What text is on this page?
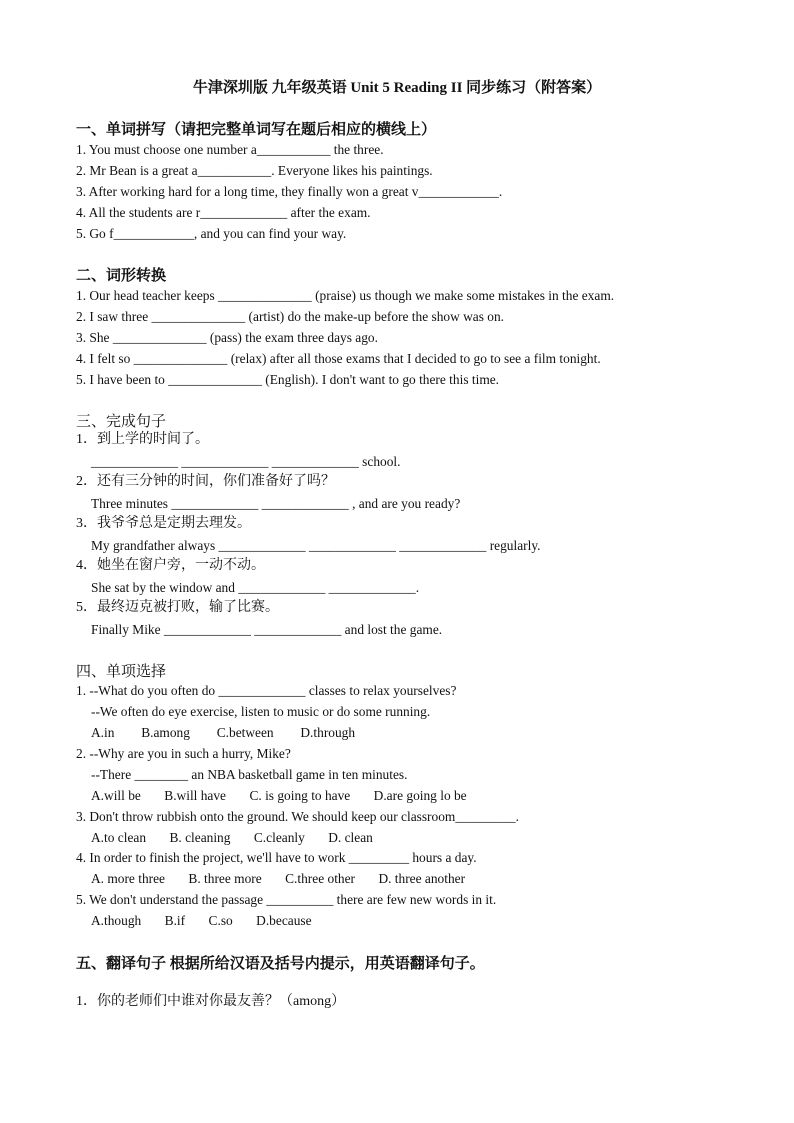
牛津深圳版 九年级英语 Unit 5 Reading II 同步练习（附答案）
一、单词拼写（请把完整单词写在题后相应的横线上）
1. You must choose one number a___________ the three.
2. Mr Bean is a great a___________. Everyone likes his paintings.
3. After working hard for a long time, they finally won a great v____________.
4. All the students are r_____________ after the exam.
5. Go f____________, and you can find your way.
二、词形转换
1. Our head teacher keeps ______________ (praise) us though we make some mistakes in the exam.
2. I saw three ______________ (artist) do the make-up before the show was on.
3. She ______________ (pass) the exam three days ago.
4. I felt so ______________ (relax) after all those exams that I decided to go to see a film tonight.
5. I have been to ______________ (English). I don't want to go there this time.
三、完成句子
1．到上学的时间了。
_____________ _____________ _____________ school.
2．还有三分钟的时间，你们准备好了吗？
Three minutes _____________ _____________ , and are you ready?
3．我爷爷总是定期去理发。
My grandfather always _____________ _____________ _____________ regularly.
4．她坐在窗户旁，一动不动。
She sat by the window and _____________ _____________.
5．最终迈克被打败，输了比赛。
Finally Mike _____________ _____________ and lost the game.
四、单项选择
1. --What do you often do _____________ classes to relax yourselves?
--We often do eye exercise, listen to music or do some running.
A.in        B.among        C.between        D.through
2. --Why are you in such a hurry, Mike?
--There ________ an NBA basketball game in ten minutes.
A.will be       B.will have       C. is going to have       D.are going lo be
3. Don't throw rubbish onto the ground. We should keep our classroom_________.
A.to clean       B. cleaning       C.cleanly       D. clean
4. In order to finish the project, we'll have to work _________ hours a day.
A. more three       B. three more       C.three other       D. three another
5. We don't understand the passage __________ there are few new words in it.
A.though       B.if       C.so       D.because
五、翻译句子 根据所给汉语及括号内提示，用英语翻译句子。
1．你的老师们中谁对你最友善？（among）
